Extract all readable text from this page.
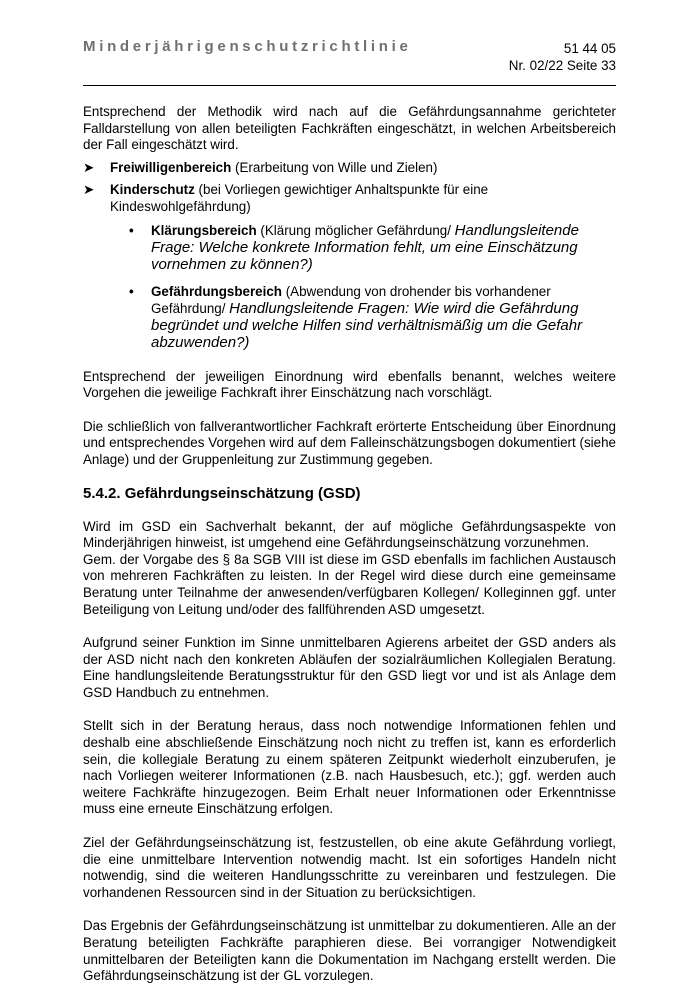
Minderjährigenschutzrichtlinie	51 44 05
Nr. 02/22 Seite 33

Entsprechend der Methodik wird nach auf die Gefährdungsannahme gerichteter Falldarstellung von allen beteiligten Fachkräften eingeschätzt, in welchen Arbeitsbereich der Fall eingeschätzt wird.

➤ Freiwilligenbereich (Erarbeitung von Wille und Zielen)
➤ Kinderschutz (bei Vorliegen gewichtiger Anhaltspunkte für eine Kindeswohlgefährdung)
• Klärungsbereich (Klärung möglicher Gefährdung/ Handlungsleitende Frage: Welche konkrete Information fehlt, um eine Einschätzung vornehmen zu können?)
• Gefährdungsbereich (Abwendung von drohender bis vorhandener Gefährdung/ Handlungsleitende Fragen: Wie wird die Gefährdung begründet und welche Hilfen sind verhältnismäßig um die Gefahr abzuwenden?)

Entsprechend der jeweiligen Einordnung wird ebenfalls benannt, welches weitere Vorgehen die jeweilige Fachkraft ihrer Einschätzung nach vorschlägt.

Die schließlich von fallverantwortlicher Fachkraft erörterte Entscheidung über Einordnung und entsprechendes Vorgehen wird auf dem Falleinschätzungsbogen dokumentiert (siehe Anlage) und der Gruppenleitung zur Zustimmung gegeben.

5.4.2. Gefährdungseinschätzung (GSD)

Wird im GSD ein Sachverhalt bekannt, der auf mögliche Gefährdungsaspekte von Minderjährigen hinweist, ist umgehend eine Gefährdungseinschätzung vorzunehmen.

Gem. der Vorgabe des § 8a SGB VIII ist diese im GSD ebenfalls im fachlichen Austausch von mehreren Fachkräften zu leisten. In der Regel wird diese durch eine gemeinsame Beratung unter Teilnahme der anwesenden/verfügbaren Kollegen/ Kolleginnen ggf. unter Beteiligung von Leitung und/oder des fallführenden ASD umgesetzt.

Aufgrund seiner Funktion im Sinne unmittelbaren Agierens arbeitet der GSD anders als der ASD nicht nach den konkreten Abläufen der sozialräumlichen Kollegialen Beratung. Eine handlungsleitende Beratungsstruktur für den GSD liegt vor und ist als Anlage dem GSD Handbuch zu entnehmen.

Stellt sich in der Beratung heraus, dass noch notwendige Informationen fehlen und deshalb eine abschließende Einschätzung noch nicht zu treffen ist, kann es erforderlich sein, die kollegiale Beratung zu einem späteren Zeitpunkt wiederholt einzuberufen, je nach Vorliegen weiterer Informationen (z.B. nach Hausbesuch, etc.); ggf. werden auch weitere Fachkräfte hinzugezogen. Beim Erhalt neuer Informationen oder Erkenntnisse muss eine erneute Einschätzung erfolgen.

Ziel der Gefährdungseinschätzung ist, festzustellen, ob eine akute Gefährdung vorliegt, die eine unmittelbare Intervention notwendig macht. Ist ein sofortiges Handeln nicht notwendig, sind die weiteren Handlungsschritte zu vereinbaren und festzulegen. Die vorhandenen Ressourcen sind in der Situation zu berücksichtigen.

Das Ergebnis der Gefährdungseinschätzung ist unmittelbar zu dokumentieren. Alle an der Beratung beteiligten Fachkräfte paraphieren diese. Bei vorrangiger Notwendigkeit unmittelbaren der Beteiligten kann die Dokumentation im Nachgang erstellt werden. Die Gefährdungseinschätzung ist der GL vorzulegen.
